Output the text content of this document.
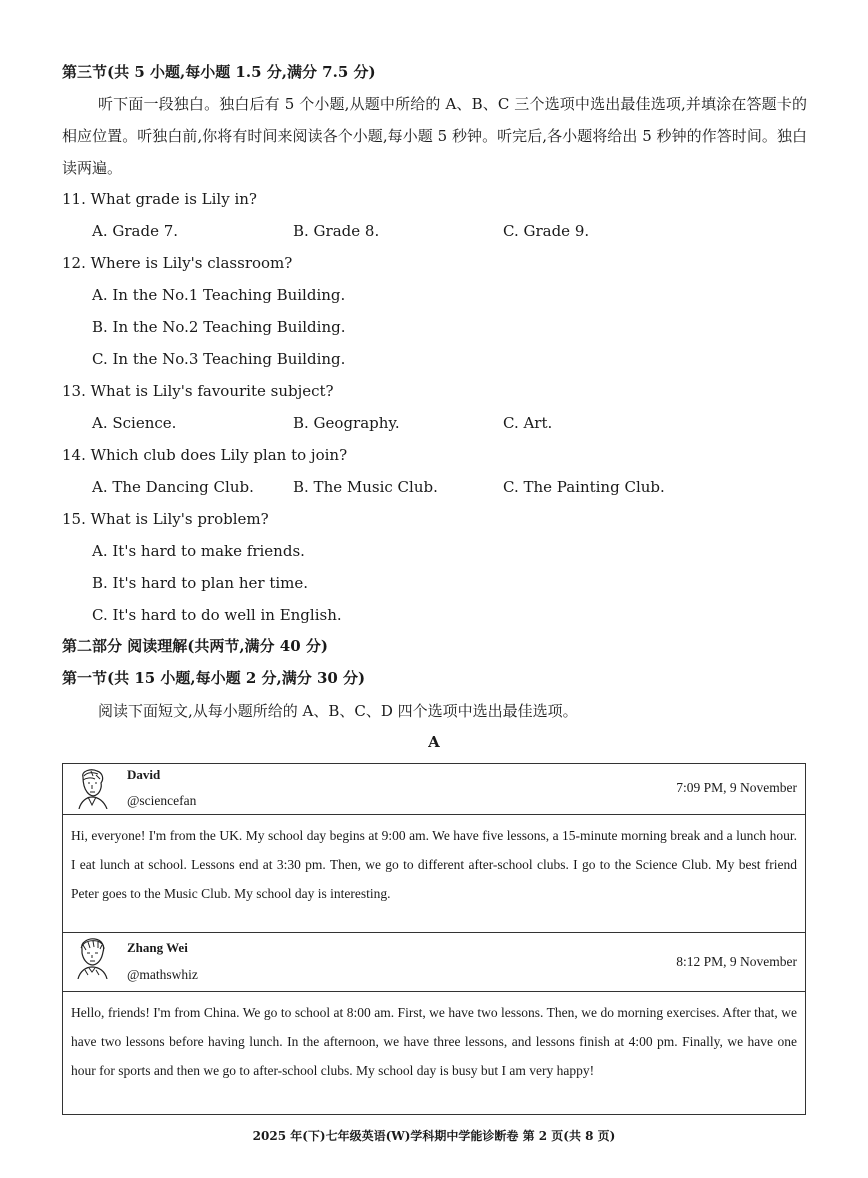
第三节(共 5 小题,每小题 1.5 分,满分 7.5 分)
听下面一段独白。独白后有 5 个小题,从题中所给的 A、B、C 三个选项中选出最佳选项,并填涂在答题卡的相应位置。听独白前,你将有时间来阅读各个小题,每小题 5 秒钟。听完后,各小题将给出 5 秒钟的作答时间。独白读两遍。
11. What grade is Lily in?
A. Grade 7.	B. Grade 8.	C. Grade 9.
12. Where is Lily's classroom?
A. In the No.1 Teaching Building.
B. In the No.2 Teaching Building.
C. In the No.3 Teaching Building.
13. What is Lily's favourite subject?
A. Science.	B. Geography.	C. Art.
14. Which club does Lily plan to join?
A. The Dancing Club.	B. The Music Club.	C. The Painting Club.
15. What is Lily's problem?
A. It's hard to make friends.
B. It's hard to plan her time.
C. It's hard to do well in English.
第二部分 阅读理解(共两节,满分 40 分)
第一节(共 15 小题,每小题 2 分,满分 30 分)
阅读下面短文,从每小题所给的 A、B、C、D 四个选项中选出最佳选项。
A
David
@sciencefan
7:09 PM, 9 November
Hi, everyone! I'm from the UK. My school day begins at 9:00 am. We have five lessons, a 15-minute morning break and a lunch hour. I eat lunch at school. Lessons end at 3:30 pm. Then, we go to different after-school clubs. I go to the Science Club. My best friend Peter goes to the Music Club. My school day is interesting.
Zhang Wei
@mathswhiz
8:12 PM, 9 November
Hello, friends! I'm from China. We go to school at 8:00 am. First, we have two lessons. Then, we do morning exercises. After that, we have two lessons before having lunch. In the afternoon, we have three lessons, and lessons finish at 4:00 pm. Finally, we have one hour for sports and then we go to after-school clubs. My school day is busy but I am very happy!
2025 年(下)七年级英语(W)学科期中学能诊断卷 第 2 页(共 8 页)
